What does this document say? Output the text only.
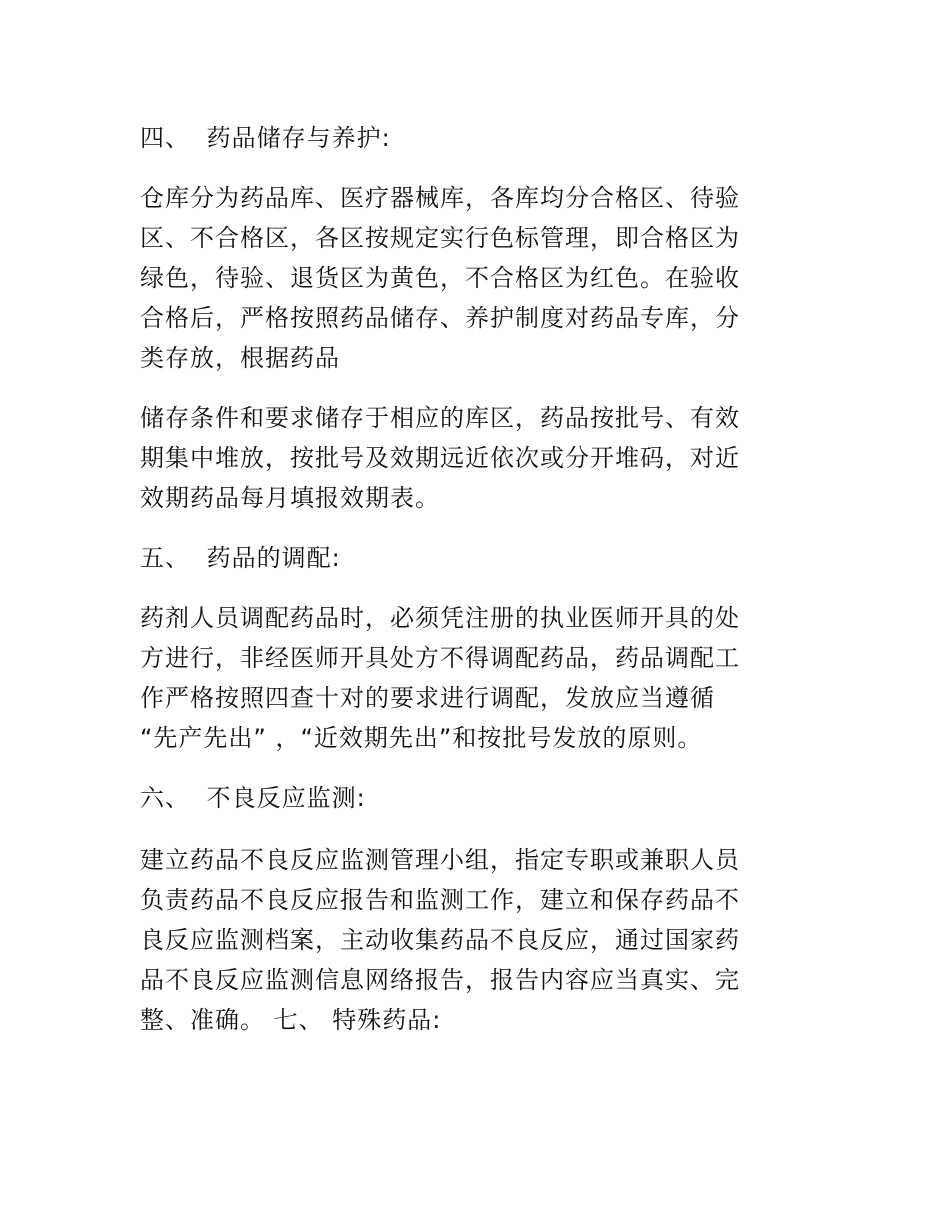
四、 药品储存与养护:
仓库分为药品库、医疗器械库，各库均分合格区、待验
区、不合格区，各区按规定实行色标管理，即合格区为
绿色，待验、退货区为黄色，不合格区为红色。在验收
合格后，严格按照药品储存、养护制度对药品专库，分
类存放，根据药品
储存条件和要求储存于相应的库区，药品按批号、有效
期集中堆放，按批号及效期远近依次或分开堆码，对近
效期药品每月填报效期表。
五、 药品的调配:
药剂人员调配药品时，必须凭注册的执业医师开具的处
方进行，非经医师开具处方不得调配药品，药品调配工
作严格按照四查十对的要求进行调配，发放应当遵循
“先产先出” ，“近效期先出”和按批号发放的原则。
六、 不良反应监测:
建立药品不良反应监测管理小组，指定专职或兼职人员
负责药品不良反应报告和监测工作，建立和保存药品不
良反应监测档案，主动收集药品不良反应，通过国家药
品不良反应监测信息网络报告，报告内容应当真实、完
整、准确。 七、 特殊药品:
